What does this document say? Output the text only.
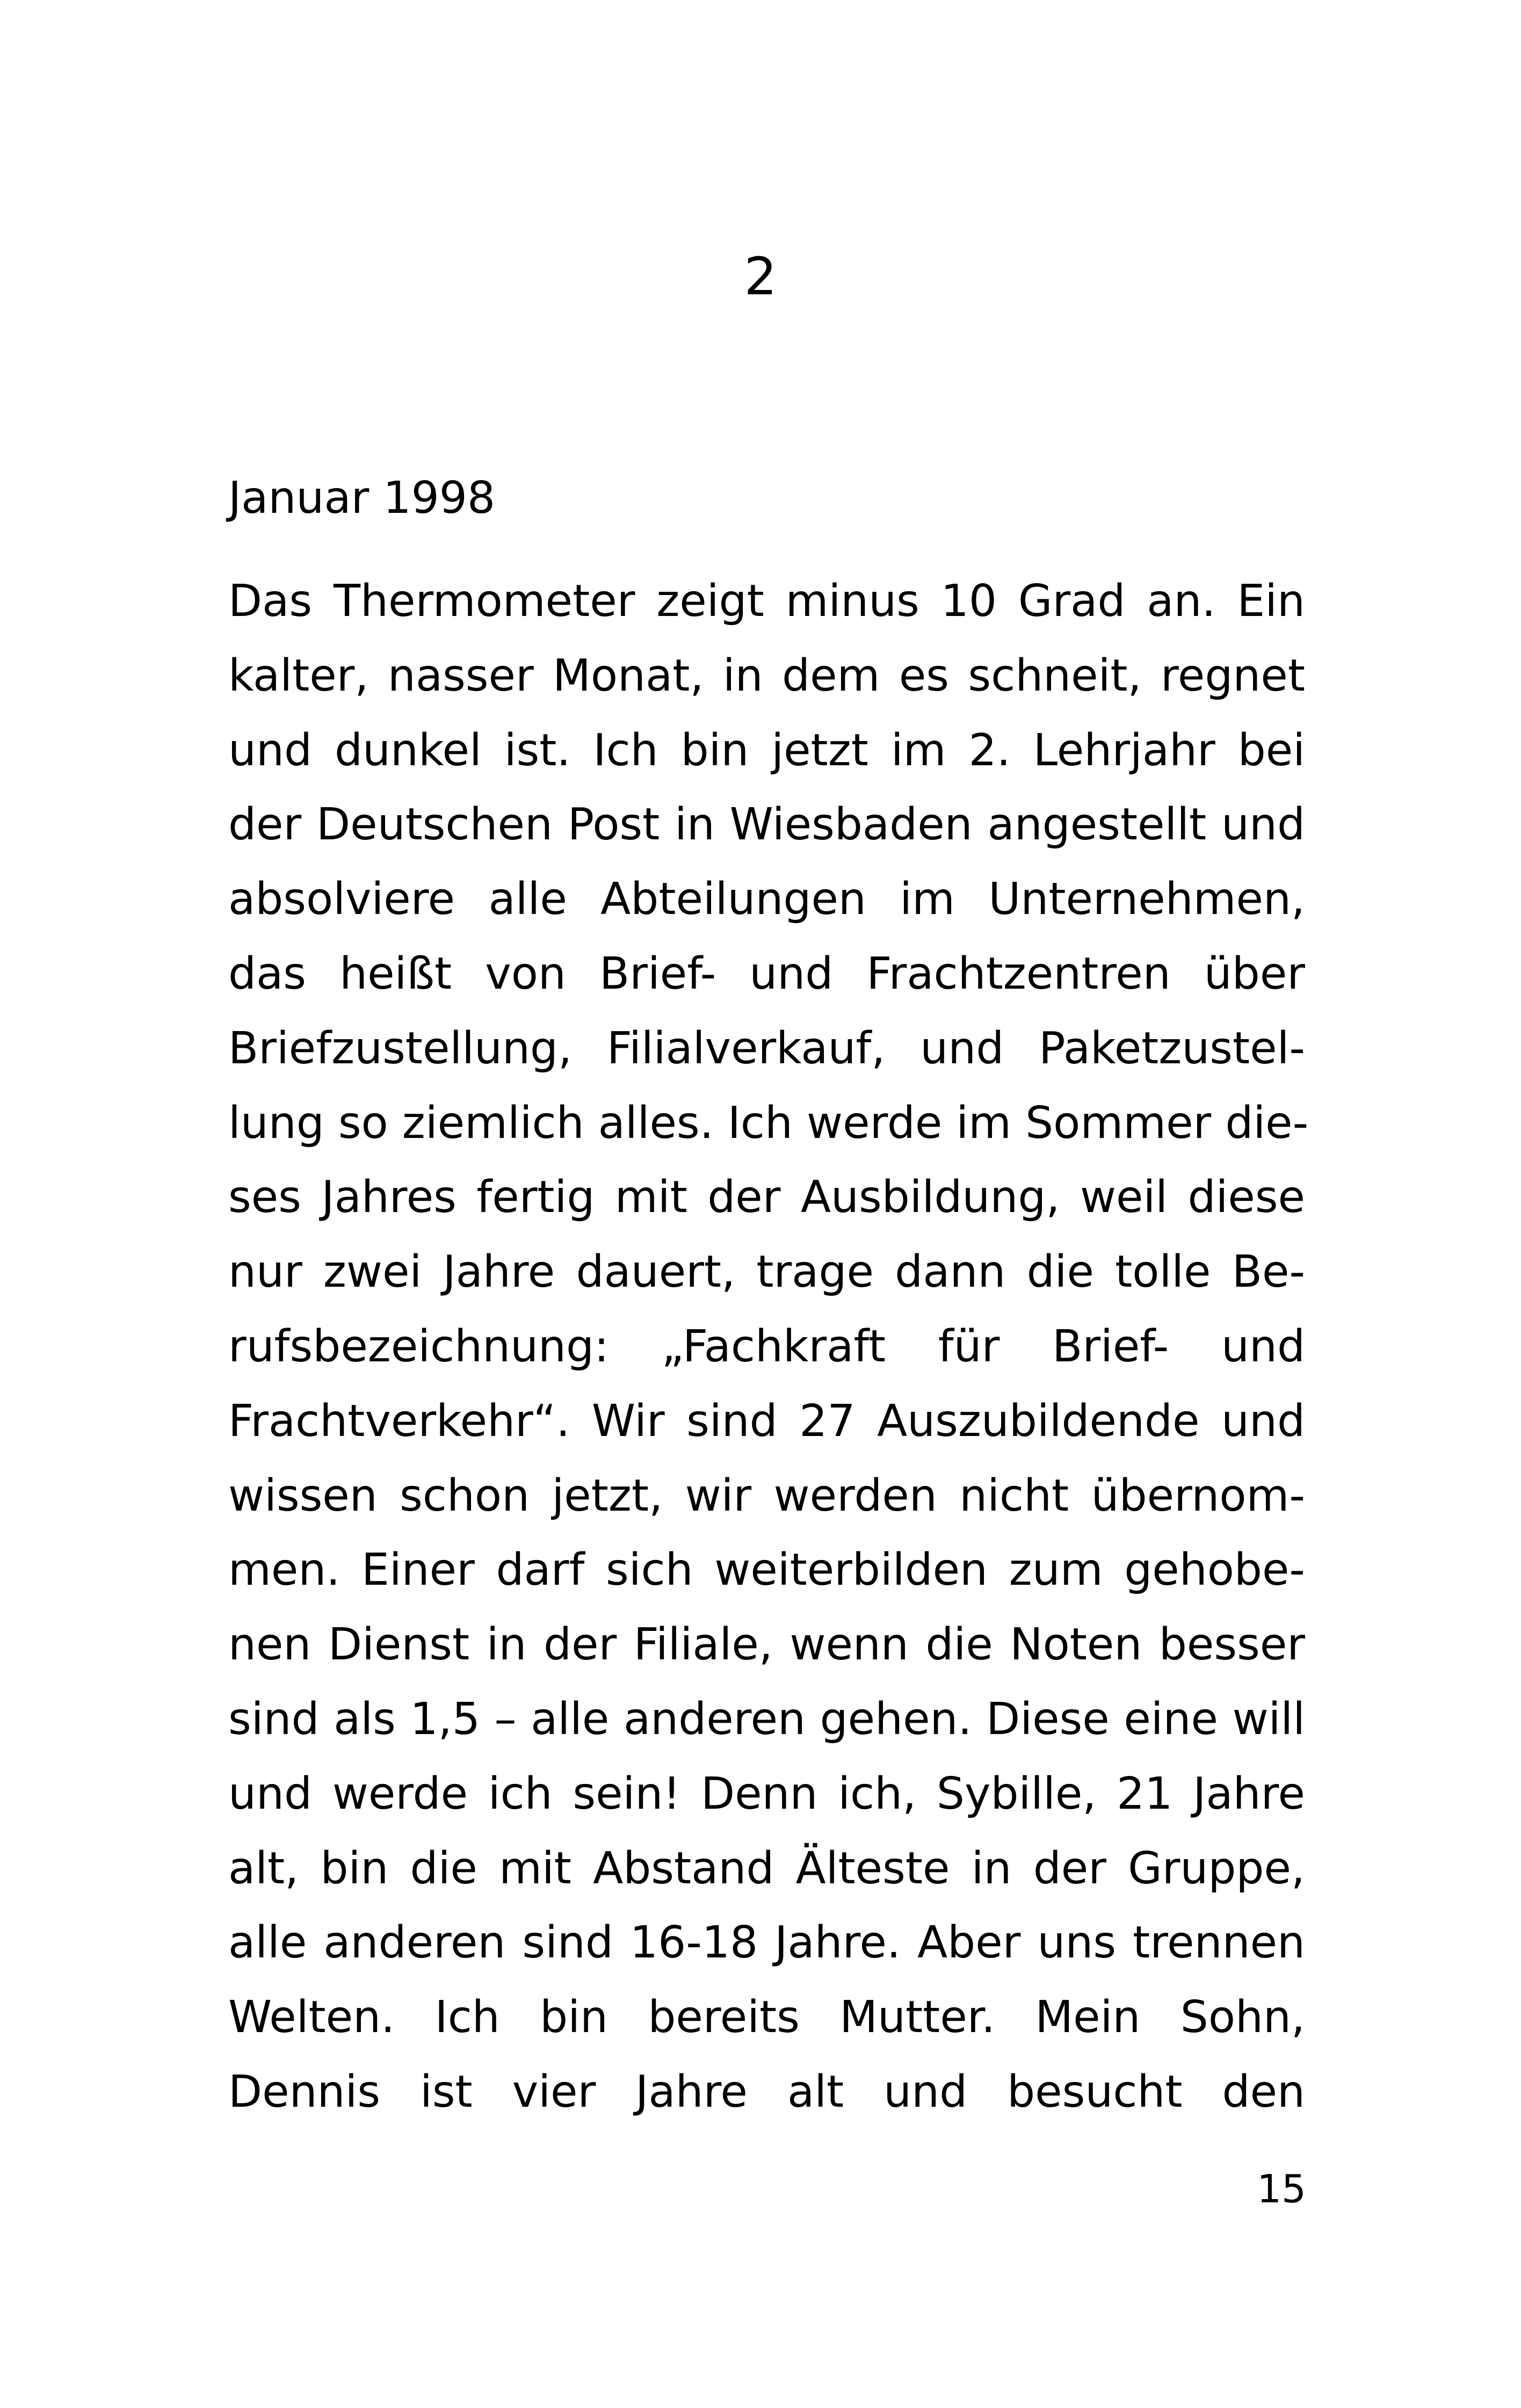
2
Januar 1998
Das Thermometer zeigt minus 10 Grad an. Ein
kalter, nasser Monat, in dem es schneit, regnet
und dunkel ist. Ich bin jetzt im 2. Lehrjahr bei
der Deutschen Post in Wiesbaden angestellt und
absolviere alle Abteilungen im Unternehmen,
das heißt von Brief- und Frachtzentren über
Briefzustellung, Filialverkauf, und Paketzustel-
lung so ziemlich alles. Ich werde im Sommer die-
ses Jahres fertig mit der Ausbildung, weil diese
nur zwei Jahre dauert, trage dann die tolle Be-
rufsbezeichnung: „Fachkraft für Brief- und
Frachtverkehr“. Wir sind 27 Auszubildende und
wissen schon jetzt, wir werden nicht übernom-
men. Einer darf sich weiterbilden zum gehobe-
nen Dienst in der Filiale, wenn die Noten besser
sind als 1,5 – alle anderen gehen. Diese eine will
und werde ich sein! Denn ich, Sybille, 21 Jahre
alt, bin die mit Abstand Älteste in der Gruppe,
alle anderen sind 16-18 Jahre. Aber uns trennen
Welten. Ich bin bereits Mutter. Mein Sohn,
Dennis ist vier Jahre alt und besucht den
15
